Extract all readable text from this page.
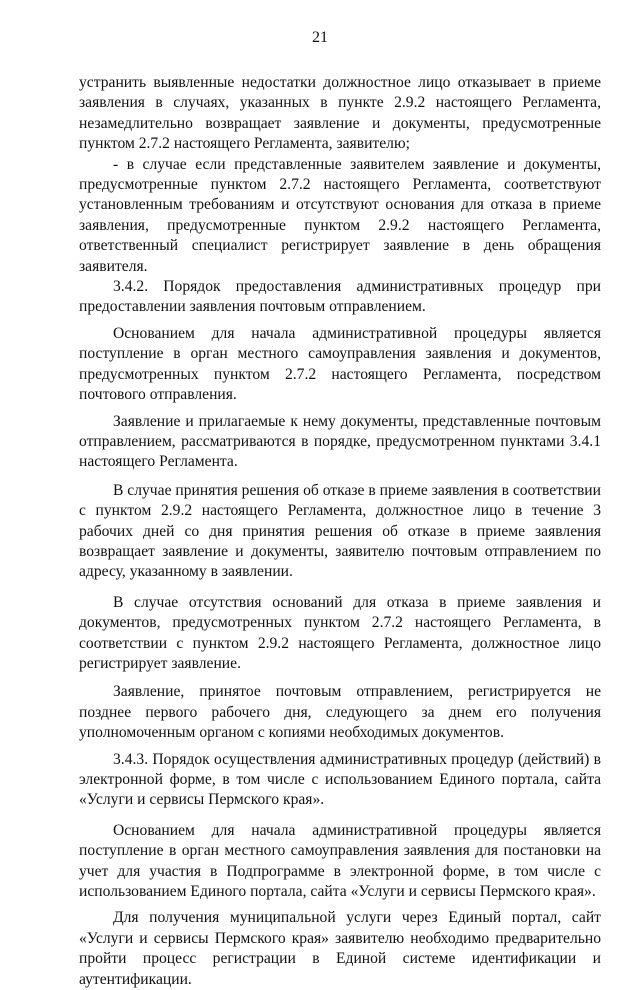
21

устранить выявленные недостатки должностное лицо отказывает в приеме заявления в случаях, указанных в пункте 2.9.2 настоящего Регламента, незамедлительно возвращает заявление и документы, предусмотренные пунктом 2.7.2 настоящего Регламента, заявителю;

- в случае если представленные заявителем заявление и документы, предусмотренные пунктом 2.7.2 настоящего Регламента, соответствуют установленным требованиям и отсутствуют основания для отказа в приеме заявления, предусмотренные пунктом 2.9.2 настоящего Регламента, ответственный специалист регистрирует заявление в день обращения заявителя.

3.4.2. Порядок предоставления административных процедур при предоставлении заявления почтовым отправлением.

Основанием для начала административной процедуры является поступление в орган местного самоуправления заявления и документов, предусмотренных пунктом 2.7.2 настоящего Регламента, посредством почтового отправления.

Заявление и прилагаемые к нему документы, представленные почтовым отправлением, рассматриваются в порядке, предусмотренном пунктами 3.4.1 настоящего Регламента.

В случае принятия решения об отказе в приеме заявления в соответствии с пунктом 2.9.2 настоящего Регламента, должностное лицо в течение 3 рабочих дней со дня принятия решения об отказе в приеме заявления возвращает заявление и документы, заявителю почтовым отправлением по адресу, указанному в заявлении.

В случае отсутствия оснований для отказа в приеме заявления и документов, предусмотренных пунктом 2.7.2 настоящего Регламента, в соответствии с пунктом 2.9.2 настоящего Регламента, должностное лицо регистрирует заявление.

Заявление, принятое почтовым отправлением, регистрируется не позднее первого рабочего дня, следующего за днем его получения уполномоченным органом с копиями необходимых документов.

3.4.3. Порядок осуществления административных процедур (действий) в электронной форме, в том числе с использованием Единого портала, сайта «Услуги и сервисы Пермского края».

Основанием для начала административной процедуры является поступление в орган местного самоуправления заявления для постановки на учет для участия в Подпрограмме в электронной форме, в том числе с использованием Единого портала, сайта «Услуги и сервисы Пермского края».

Для получения муниципальной услуги через Единый портал, сайт «Услуги и сервисы Пермского края» заявителю необходимо предварительно пройти процесс регистрации в Единой системе идентификации и аутентификации.
